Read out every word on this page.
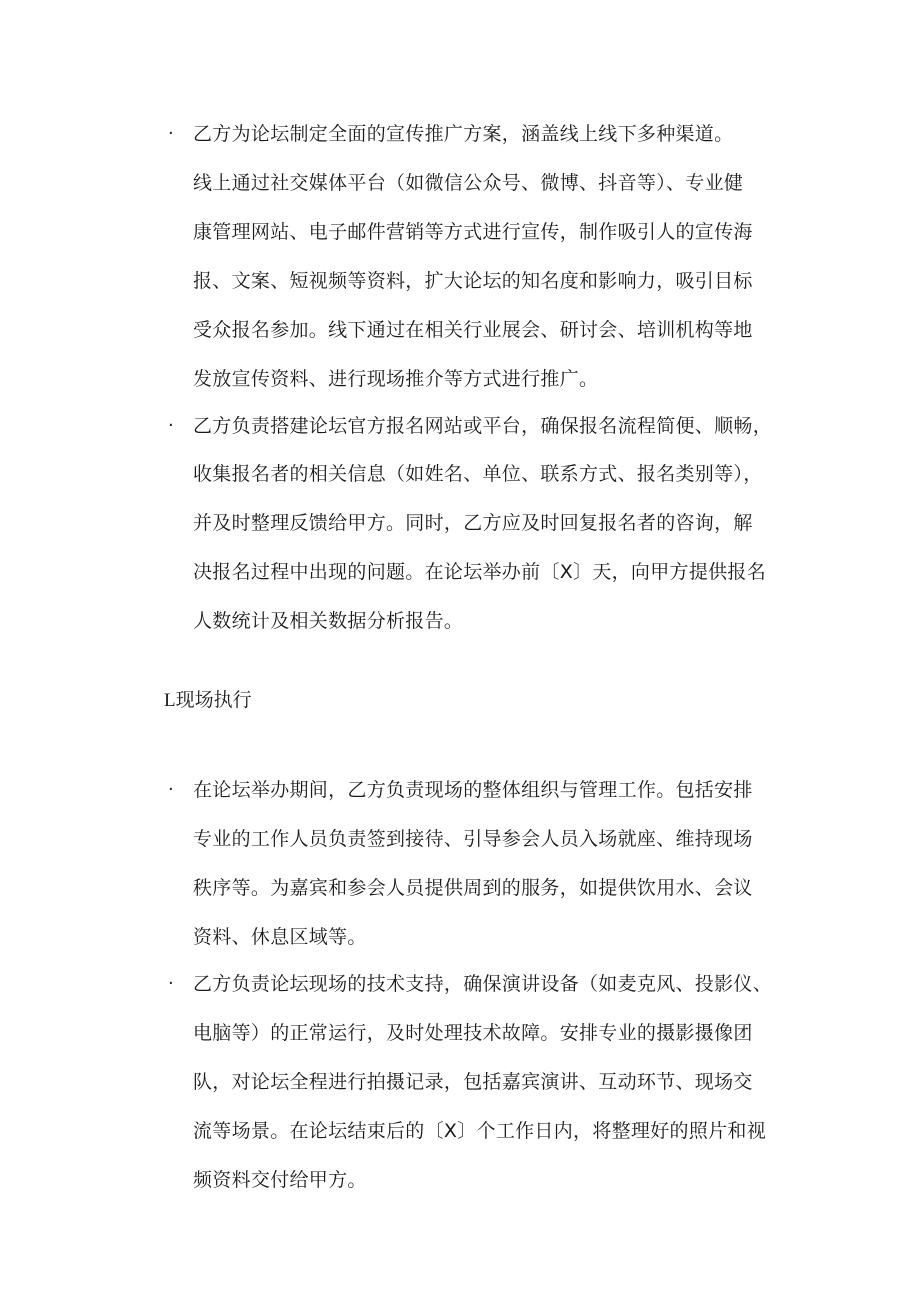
· 乙方为论坛制定全面的宣传推广方案，涵盖线上线下多种渠道。
线上通过社交媒体平台（如微信公众号、微博、抖音等）、专业健
康管理网站、电子邮件营销等方式进行宣传，制作吸引人的宣传海
报、文案、短视频等资料，扩大论坛的知名度和影响力，吸引目标
受众报名参加。线下通过在相关行业展会、研讨会、培训机构等地
发放宣传资料、进行现场推介等方式进行推广。
· 乙方负责搭建论坛官方报名网站或平台，确保报名流程简便、顺畅，
收集报名者的相关信息（如姓名、单位、联系方式、报名类别等），
并及时整理反馈给甲方。同时，乙方应及时回复报名者的咨询，解
决报名过程中出现的问题。在论坛举办前〔X〕天，向甲方提供报名
人数统计及相关数据分析报告。
L现场执行
· 在论坛举办期间，乙方负责现场的整体组织与管理工作。包括安排
专业的工作人员负责签到接待、引导参会人员入场就座、维持现场
秩序等。为嘉宾和参会人员提供周到的服务，如提供饮用水、会议
资料、休息区域等。
· 乙方负责论坛现场的技术支持，确保演讲设备（如麦克风、投影仪、
电脑等）的正常运行，及时处理技术故障。安排专业的摄影摄像团
队，对论坛全程进行拍摄记录，包括嘉宾演讲、互动环节、现场交
流等场景。在论坛结束后的〔X〕个工作日内，将整理好的照片和视
频资料交付给甲方。
